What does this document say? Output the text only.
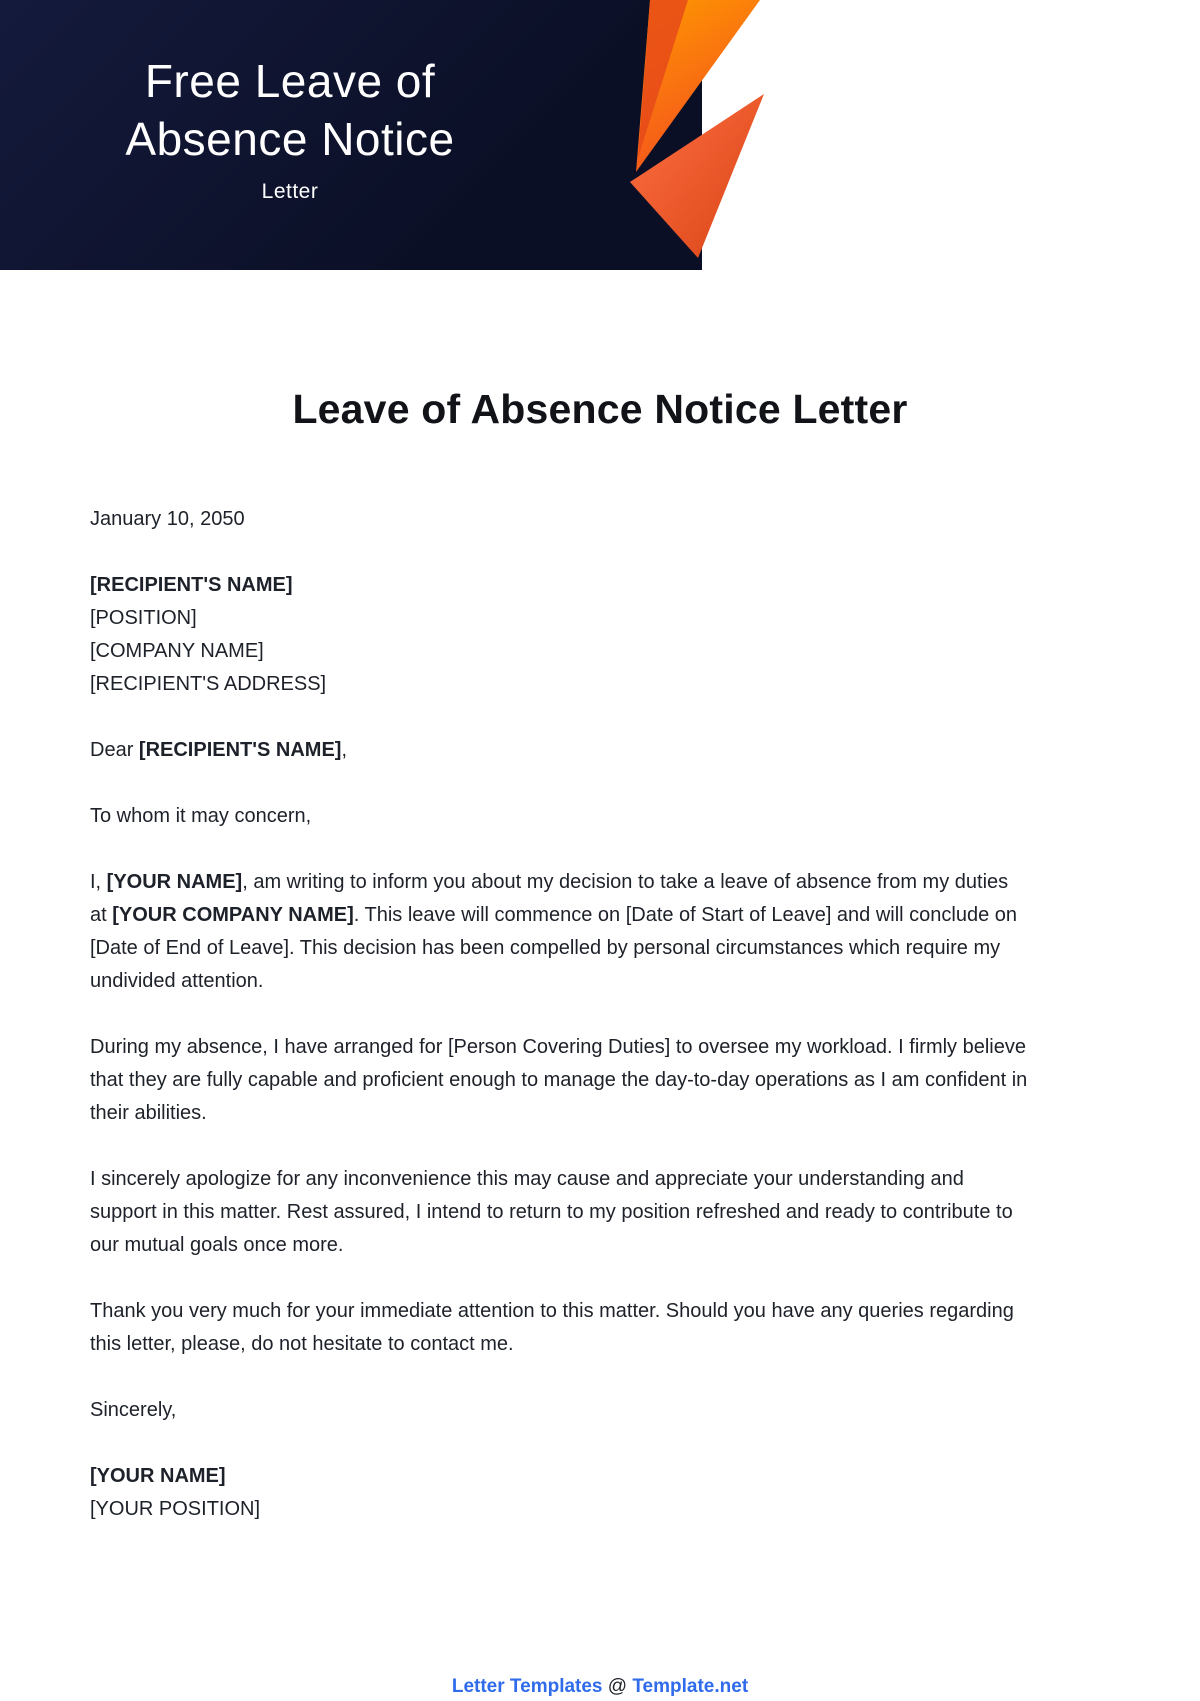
Free Leave of
Absence Notice
Letter
Leave of Absence Notice Letter

January 10, 2050

[RECIPIENT'S NAME]
[POSITION]
[COMPANY NAME]
[RECIPIENT'S ADDRESS]

Dear [RECIPIENT'S NAME],

To whom it may concern,

I, [YOUR NAME], am writing to inform you about my decision to take a leave of absence from my duties at [YOUR COMPANY NAME]. This leave will commence on [Date of Start of Leave] and will conclude on [Date of End of Leave]. This decision has been compelled by personal circumstances which require my undivided attention.

During my absence, I have arranged for [Person Covering Duties] to oversee my workload. I firmly believe that they are fully capable and proficient enough to manage the day-to-day operations as I am confident in their abilities.

I sincerely apologize for any inconvenience this may cause and appreciate your understanding and support in this matter. Rest assured, I intend to return to my position refreshed and ready to contribute to our mutual goals once more.

Thank you very much for your immediate attention to this matter. Should you have any queries regarding this letter, please, do not hesitate to contact me.

Sincerely,

[YOUR NAME]
[YOUR POSITION]

Letter Templates @ Template.net
